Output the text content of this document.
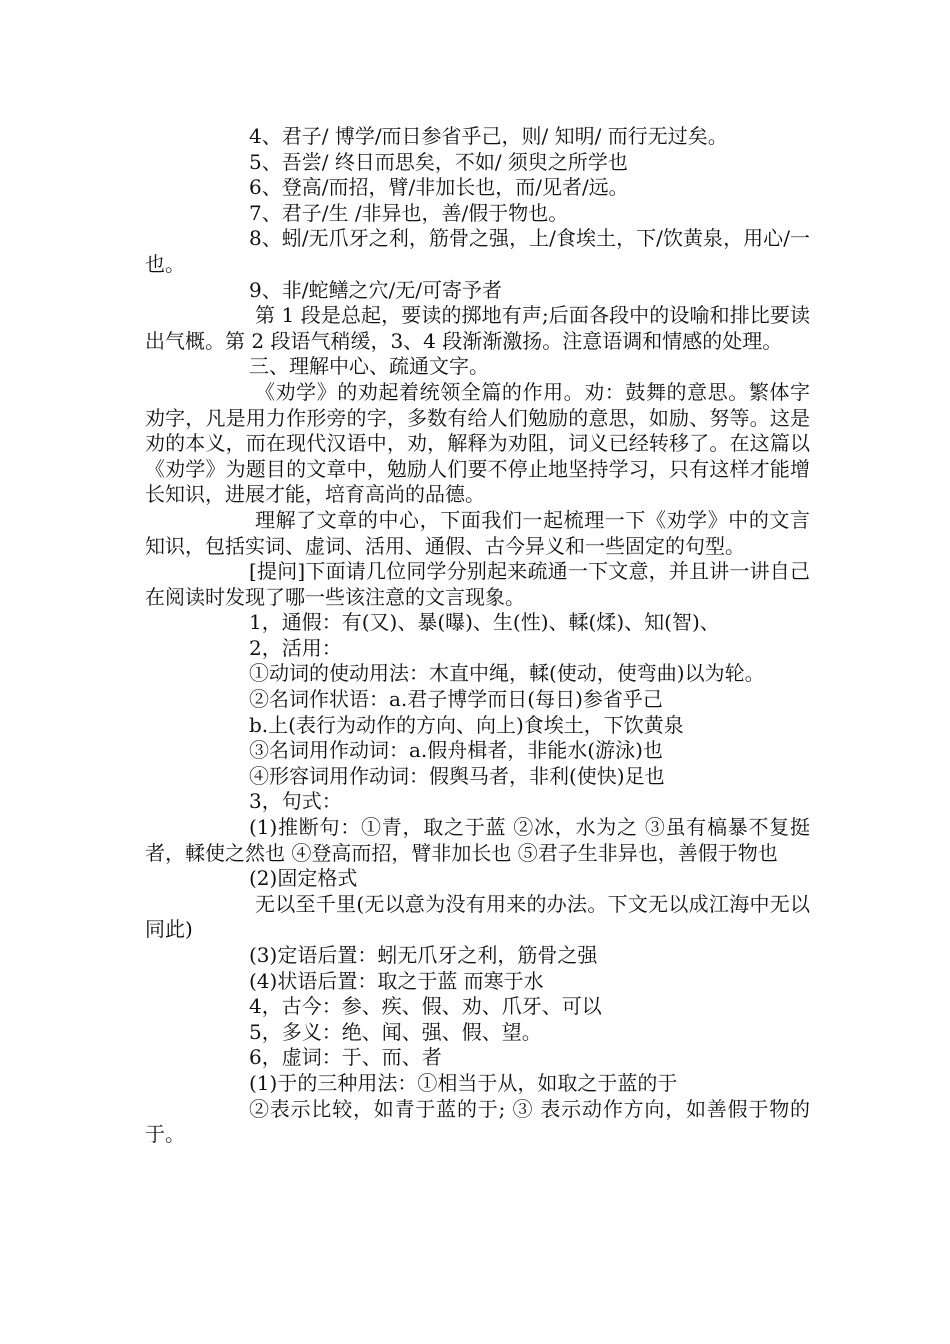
4、君子/ 博学/而日参省乎己，则/ 知明/ 而行无过矣。

5、吾尝/ 终日而思矣，不如/ 须臾之所学也

6、登高/而招，臂/非加长也，而/见者/远。

7、君子/生 /非异也，善/假于物也。

8、蚓/无爪牙之利，筋骨之强，上/食埃土，下/饮黄泉，用心/一也。

9、非/蛇鳝之穴/无/可寄予者

第 1 段是总起，要读的掷地有声;后面各段中的设喻和排比要读出气概。第 2 段语气稍缓，3、4 段渐渐激扬。注意语调和情感的处理。

三、理解中心、疏通文字。

《劝学》的劝起着统领全篇的作用。劝：鼓舞的意思。繁体字劝字，凡是用力作形旁的字，多数有给人们勉励的意思，如励、努等。这是劝的本义，而在现代汉语中，劝，解释为劝阻，词义已经转移了。在这篇以《劝学》为题目的文章中，勉励人们要不停止地坚持学习，只有这样才能增长知识，进展才能，培育高尚的品德。

理解了文章的中心，下面我们一起梳理一下《劝学》中的文言知识，包括实词、虚词、活用、通假、古今异义和一些固定的句型。

[提问]下面请几位同学分别起来疏通一下文意，并且讲一讲自己在阅读时发现了哪一些该注意的文言现象。

1，通假：有(又)、暴(曝)、生(性)、輮(煣)、知(智)、

2，活用：

①动词的使动用法：木直中绳，輮(使动，使弯曲)以为轮。

②名词作状语：a.君子博学而日(每日)参省乎己

b.上(表行为动作的方向、向上)食埃土，下饮黄泉

③名词用作动词：a.假舟楫者，非能水(游泳)也

④形容词用作动词：假舆马者，非利(使快)足也

3，句式：

(1)推断句：①青，取之于蓝 ②冰，水为之 ③虽有槁暴不复挺者，輮使之然也 ④登高而招，臂非加长也 ⑤君子生非异也，善假于物也

(2)固定格式

无以至千里(无以意为没有用来的办法。下文无以成江海中无以同此)

(3)定语后置：蚓无爪牙之利，筋骨之强

(4)状语后置：取之于蓝 而寒于水

4，古今：参、疾、假、劝、爪牙、可以

5，多义：绝、闻、强、假、望。

6，虚词：于、而、者

(1)于的三种用法：①相当于从，如取之于蓝的于

②表示比较，如青于蓝的于; ③ 表示动作方向，如善假于物的于。
